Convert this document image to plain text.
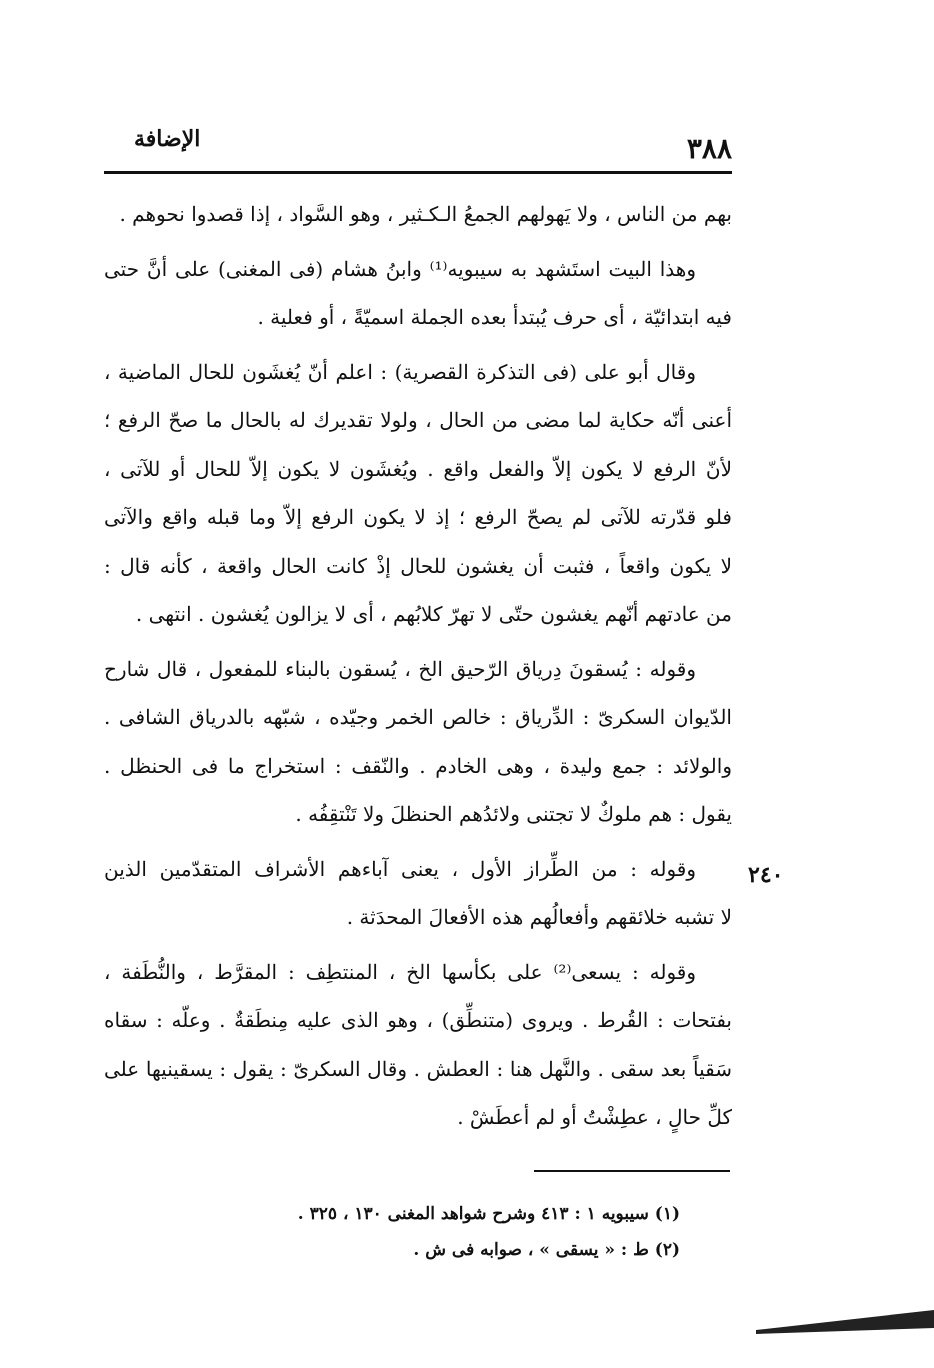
٣٨٨
الإضافة
٢٤٠

بهم من الناس ، ولا يَهولهم الجمعُ الـكـثير ، وهو السَّواد ، إذا قصدوا نحوهم .

وهذا البيت استَشهد به سيبويه⁽¹⁾ وابنُ هشام (فى المغنى) على أنَّ حتى
فيه ابتدائيّة ، أى حرف يُبتدأ بعده الجملة اسميّةً ، أو فعلية .

وقال أبو على (فى التذكرة القصرية) : اعلم أنّ يُغشَون للحال الماضية ،
أعنى أنّه حكاية لما مضى من الحال ، ولولا تقديرك له بالحال ما صحّ الرفع ؛
لأنّ الرفع لا يكون إلاّ والفعل واقع . ويُغشَون لا يكون إلاّ للحال أو للآتى ،
فلو قدّرته للآتى لم يصحّ الرفع ؛ إذ لا يكون الرفع إلاّ وما قبله واقع والآتى
لا يكون واقعاً ، فثبت أن يغشون للحال إذْ كانت الحال واقعة ، كأنه قال :
من عادتهم أنّهم يغشون حتّى لا تهرّ كلابُهم ، أى لا يزالون يُغشون . انتهى .

وقوله : يُسقونَ دِرياق الرّحيق الخ ، يُسقون بالبناء للمفعول ، قال شارح
الدّيوان السكرىّ : الدِّرياق : خالص الخمر وجيّده ، شبّهه بالدرياق الشافى .
والولائد : جمع وليدة ، وهى الخادم . والنّقف : استخراج ما فى الحنظل .
يقول : هم ملوكٌ لا تجتنى ولائدُهم الحنظلَ ولا تَنْتقِفُه .

وقوله : من الطِّراز الأول ، يعنى آباءهم الأشراف المتقدّمين الذين
لا تشبه خلائقهم وأفعالُهم هذه الأفعالَ المحدَثة .

وقوله : يسعى⁽²⁾ على بكأسها الخ ، المنتطِف : المقرَّط ، والنُّطَفة ،
بفتحات : القُرط . ويروى (متنطِّق) ، وهو الذى عليه مِنطَقةٌ . وعلّه : سقاه
سَقياً بعد سقى . والنَّهل هنا : العطش . وقال السكرىّ : يقول : يسقينيها على
كلِّ حالٍ ، عطِشْتُ أو لم أعطَشْ .

(١) سيبويه ١ : ٤١٣ وشرح شواهد المغنى ١٣٠ ، ٣٢٥ .
(٢) ط : « يسقى » ، صوابه فى ش .
